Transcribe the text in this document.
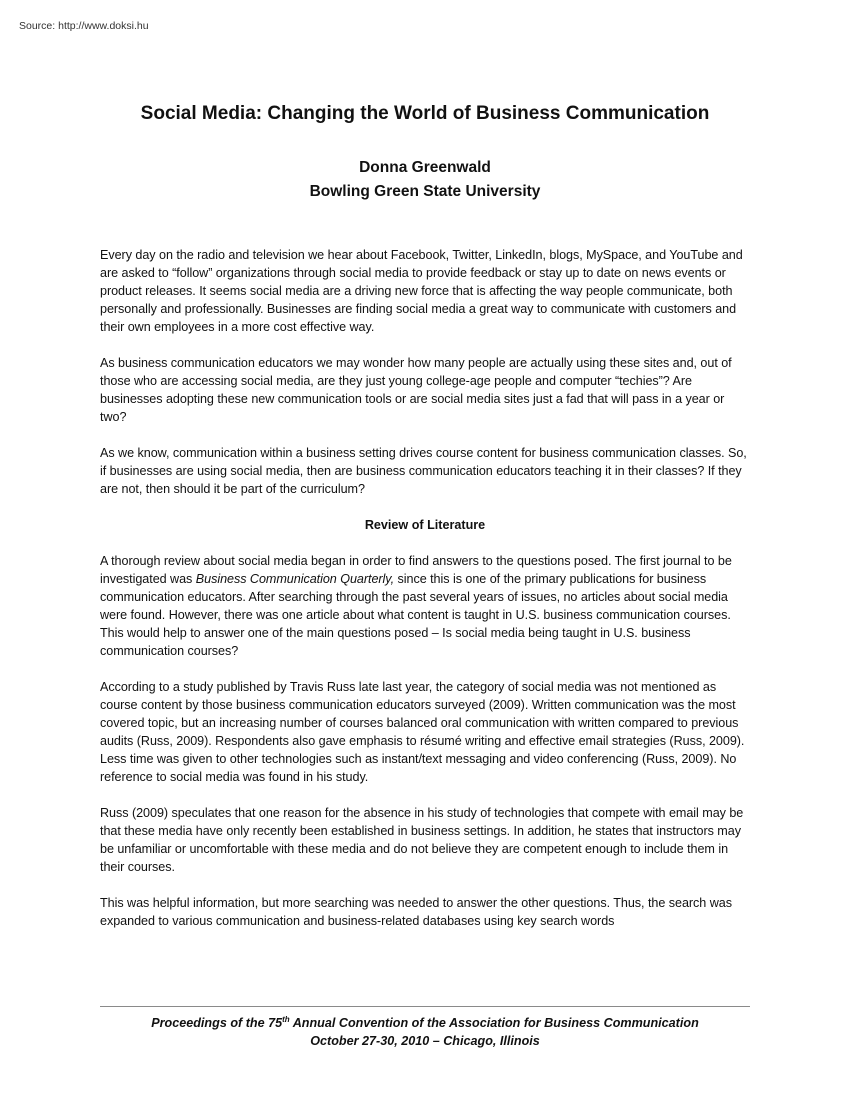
Source: http://www.doksi.hu
Social Media: Changing the World of Business Communication
Donna Greenwald
Bowling Green State University

Every day on the radio and television we hear about Facebook, Twitter, LinkedIn, blogs, MySpace, and YouTube and are asked to “follow” organizations through social media to provide feedback or stay up to date on news events or product releases. It seems social media are a driving new force that is affecting the way people communicate, both personally and professionally. Businesses are finding social media a great way to communicate with customers and their own employees in a more cost effective way.

As business communication educators we may wonder how many people are actually using these sites and, out of those who are accessing social media, are they just young college-age people and computer “techies”? Are businesses adopting these new communication tools or are social media sites just a fad that will pass in a year or two?

As we know, communication within a business setting drives course content for business communication classes. So, if businesses are using social media, then are business communication educators teaching it in their classes? If they are not, then should it be part of the curriculum?

Review of Literature

A thorough review about social media began in order to find answers to the questions posed. The first journal to be investigated was Business Communication Quarterly, since this is one of the primary publications for business communication educators. After searching through the past several years of issues, no articles about social media were found. However, there was one article about what content is taught in U.S. business communication courses. This would help to answer one of the main questions posed – Is social media being taught in U.S. business communication courses?

According to a study published by Travis Russ late last year, the category of social media was not mentioned as course content by those business communication educators surveyed (2009). Written communication was the most covered topic, but an increasing number of courses balanced oral communication with written compared to previous audits (Russ, 2009). Respondents also gave emphasis to résumé writing and effective email strategies (Russ, 2009). Less time was given to other technologies such as instant/text messaging and video conferencing (Russ, 2009). No reference to social media was found in his study.

Russ (2009) speculates that one reason for the absence in his study of technologies that compete with email may be that these media have only recently been established in business settings. In addition, he states that instructors may be unfamiliar or uncomfortable with these media and do not believe they are competent enough to include them in their courses.

This was helpful information, but more searching was needed to answer the other questions. Thus, the search was expanded to various communication and business-related databases using key search words

Proceedings of the 75th Annual Convention of the Association for Business Communication
October 27-30, 2010 – Chicago, Illinois
